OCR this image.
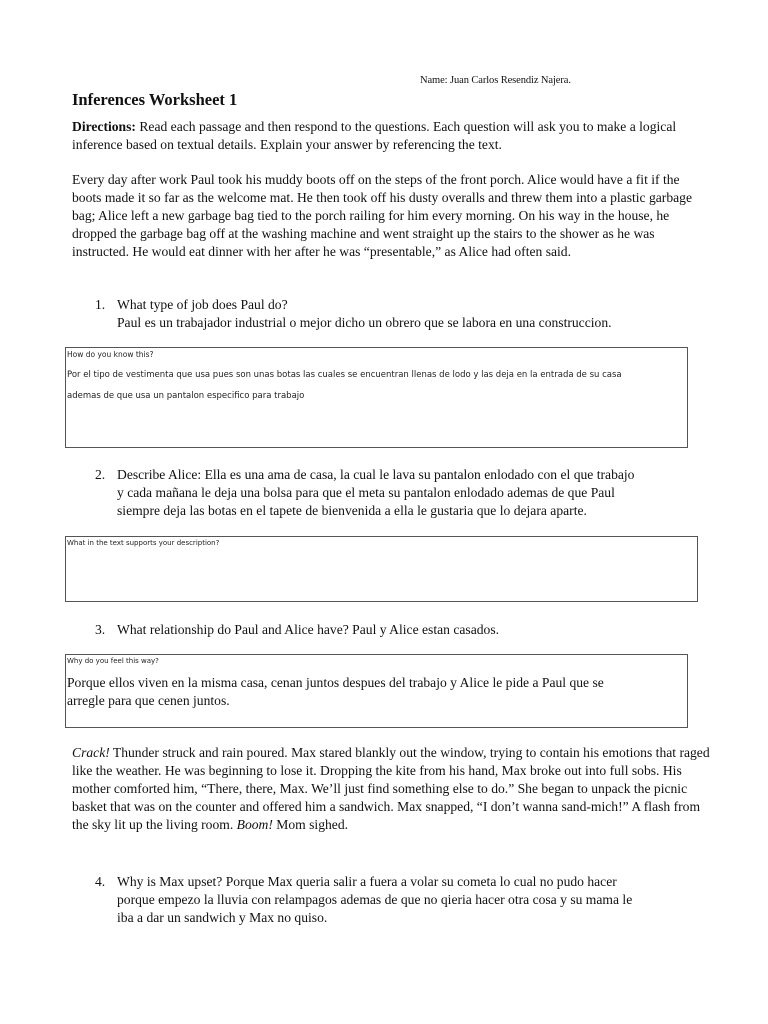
Name: Juan Carlos Resendiz Najera.
Inferences Worksheet 1
Directions: Read each passage and then respond to the questions. Each question will ask you to make a logical inference based on textual details. Explain your answer by referencing the text.
Every day after work Paul took his muddy boots off on the steps of the front porch. Alice would have a fit if the boots made it so far as the welcome mat. He then took off his dusty overalls and threw them into a plastic garbage bag; Alice left a new garbage bag tied to the porch railing for him every morning. On his way in the house, he dropped the garbage bag off at the washing machine and went straight up the stairs to the shower as he was instructed. He would eat dinner with her after he was “presentable,” as Alice had often said.
1. What type of job does Paul do?
Paul es un trabajador industrial o mejor dicho un obrero que se labora en una construccion.
How do you know this?
Por el tipo de vestimenta que usa pues son unas botas las cuales se encuentran llenas de lodo y las deja en la entrada de su casa
ademas de que usa un pantalon especifico para trabajo
2. Describe Alice: Ella es una ama de casa, la cual le lava su pantalon enlodado con el que trabajo
y cada mañana le deja una bolsa para que el meta su pantalon enlodado ademas de que Paul
siempre deja las botas en el tapete de bienvenida a ella le gustaria que lo dejara aparte.
What in the text supports your description?
3. What relationship do Paul and Alice have? Paul y Alice estan casados.
Why do you feel this way?
Porque ellos viven en la misma casa, cenan juntos despues del trabajo y Alice le pide a Paul que se
arregle para que cenen juntos.
Crack! Thunder struck and rain poured. Max stared blankly out the window, trying to contain his emotions that raged like the weather. He was beginning to lose it. Dropping the kite from his hand, Max broke out into full sobs. His mother comforted him, “There, there, Max. We’ll just find something else to do.” She began to unpack the picnic basket that was on the counter and offered him a sandwich. Max snapped, “I don’t wanna sand-mich!” A flash from the sky lit up the living room. Boom! Mom sighed.
4. Why is Max upset? Porque Max queria salir a fuera a volar su cometa lo cual no pudo hacer
porque empezo la lluvia con relampagos ademas de que no qieria hacer otra cosa y su mama le
iba a dar un sandwich y Max no quiso.
